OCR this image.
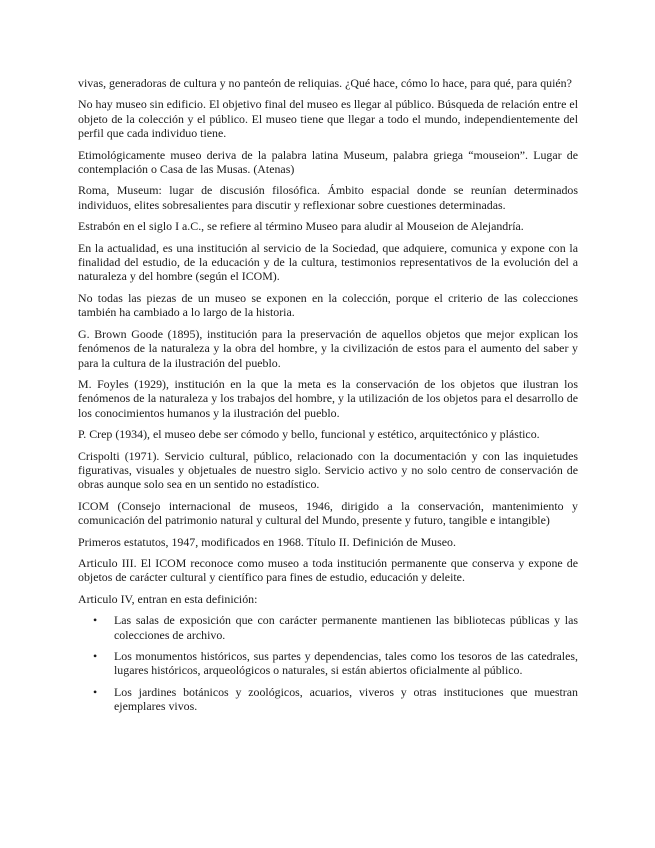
vivas, generadoras de cultura y no panteón de reliquias. ¿Qué hace, cómo lo hace, para qué, para quién?

No hay museo sin edificio. El objetivo final del museo es llegar al público. Búsqueda de relación entre el objeto de la colección y el público. El museo tiene que llegar a todo el mundo, independientemente del perfil que cada individuo tiene.

Etimológicamente museo deriva de la palabra latina Museum, palabra griega “mouseion”. Lugar de contemplación o Casa de las Musas. (Atenas)

Roma, Museum: lugar de discusión filosófica. Ámbito espacial donde se reunían determinados individuos, elites sobresalientes para discutir y reflexionar sobre cuestiones determinadas.

Estrabón en el siglo I a.C., se refiere al término Museo para aludir al Mouseion de Alejandría.

En la actualidad, es una institución al servicio de la Sociedad, que adquiere, comunica y expone con la finalidad del estudio, de la educación y de la cultura, testimonios representativos de la evolución del a naturaleza y del hombre (según el ICOM).

No todas las piezas de un museo se exponen en la colección, porque el criterio de las colecciones también ha cambiado a lo largo de la historia.

G. Brown Goode (1895), institución para la preservación de aquellos objetos que mejor explican los fenómenos de la naturaleza y la obra del hombre, y la civilización de estos para el aumento del saber y para la cultura de la ilustración del pueblo.

M. Foyles (1929), institución en la que la meta es la conservación de los objetos que ilustran los fenómenos de la naturaleza y los trabajos del hombre, y la utilización de los objetos para el desarrollo de los conocimientos humanos y la ilustración del pueblo.

P. Crep (1934), el museo debe ser cómodo y bello, funcional y estético, arquitectónico y plástico.

Crispolti (1971). Servicio cultural, público, relacionado con la documentación y con las inquietudes figurativas, visuales y objetuales de nuestro siglo. Servicio activo y no solo centro de conservación de obras aunque solo sea en un sentido no estadístico.

ICOM (Consejo internacional de museos, 1946, dirigido a la conservación, mantenimiento y comunicación del patrimonio natural y cultural del Mundo, presente y futuro, tangible e intangible)

Primeros estatutos, 1947, modificados en 1968. Título II. Definición de Museo.

Articulo III. El ICOM reconoce como museo a toda institución permanente que conserva y expone de objetos de carácter cultural y científico para fines de estudio, educación y deleite.

Articulo IV, entran en esta definición:

• Las salas de exposición que con carácter permanente mantienen las bibliotecas públicas y las colecciones de archivo.
• Los monumentos históricos, sus partes y dependencias, tales como los tesoros de las catedrales, lugares históricos, arqueológicos o naturales, si están abiertos oficialmente al público.
• Los jardines botánicos y zoológicos, acuarios, viveros y otras instituciones que muestran ejemplares vivos.
